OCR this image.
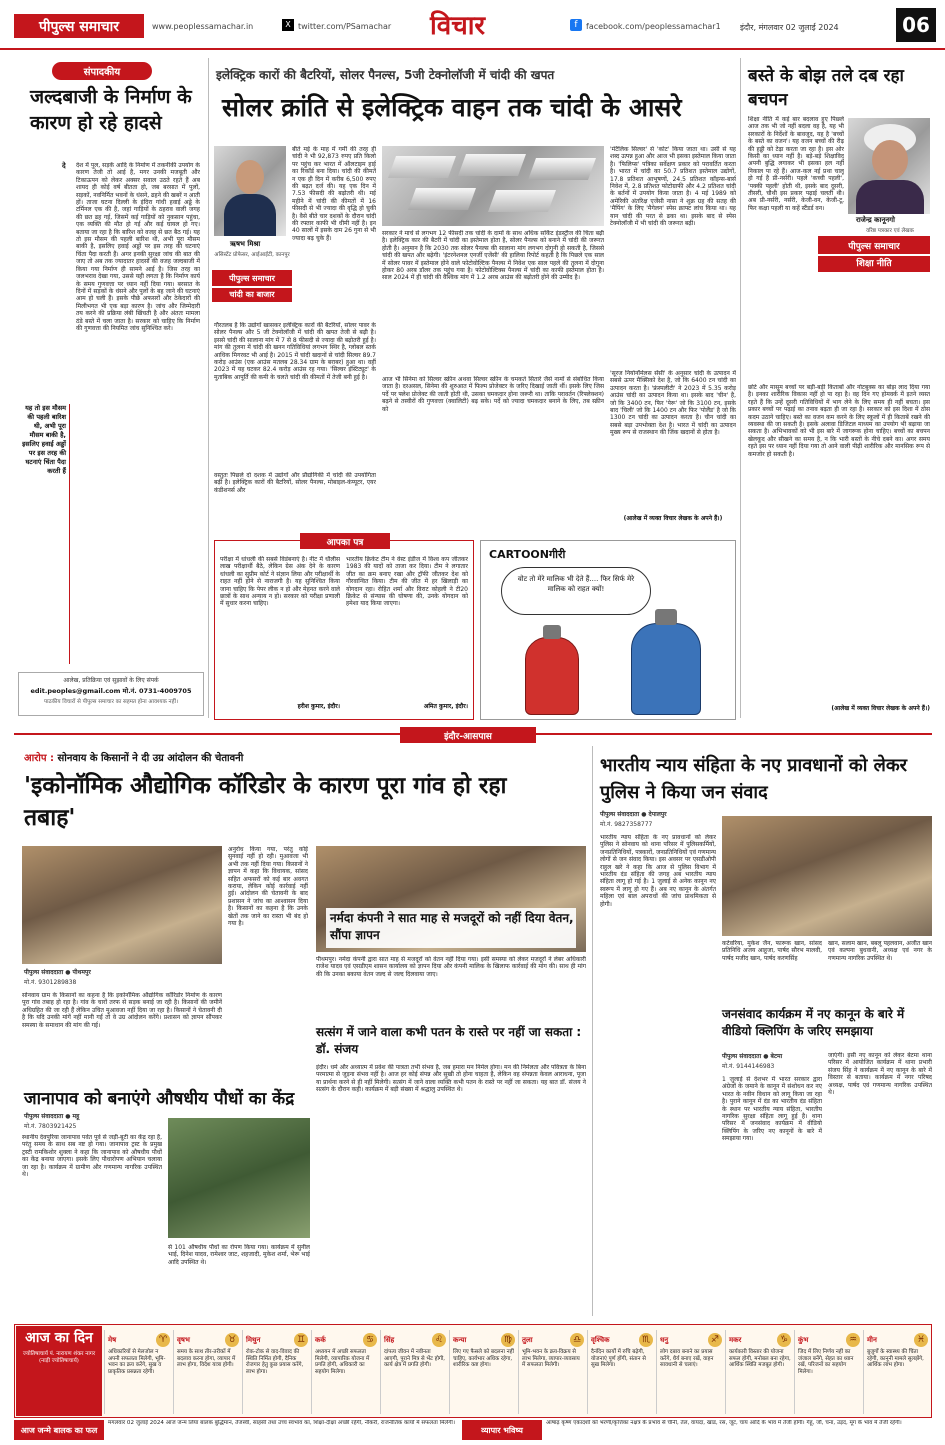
पीपुल्स समाचार	www.peoplessamachar.in	X twitter.com/PSamachar विचार	f	facebook.com/peoplessamachar1 इंदौर, मंगलवार 02 जुलाई 2024	06
संपादकीय
जल्दबाजी के निर्माण के कारण हो रहे हादसे
दे	देश में पुल, सड़कें आदि के निर्माण में तकनीकी उपयोग के कारण तेजी तो आई है, मगर उनकी मजबूती और टिकाऊपन को लेकर अक्सर सवाल उठते रहते हैं अब शायद ही कोई वर्ष बीतता हो, जब बरसात में पुलों, सड़कों, नवनिर्मित भवनों के धंसने, ढहने की खबरें न आती हों। ताजा घटना दिल्ली के इंदिरा गांधी हवाई अड्डे के टर्मिनल एक की है, जहां गाड़ियों के ठहराव वाली जगह की छत ढह गई, जिसमें कई गाड़ियों को नुकसान पहुंचा, एक व्यक्ति की मौत हो गई और कई घायल हो गए। बताया जा रहा है कि बारिश को वजह से छत बैठ गई। यह तो इस मौसम की पहली बारिश थी, अभी पूरा मौसम बाकी है, इसलिए हवाई अड्डों पर इस तरह की घटनाएं चिंता पैदा करती हैं। अगर इनकी सुरक्षा जांच की बात की जाए तो अब तक ज्यादातर हादसों की वजह जल्दबाजी में किया गया निर्माण ही सामने आई है। जिस तरह का जलभराव देखा गया, उससे यही लगता है कि निर्माण कार्य के समय गुणवत्ता पर ध्यान नहीं दिया गया। बरसात के दिनों में सड़कों के धंसने और पुलों के बह जाने की घटनाएं आम हो चली हैं। इसके पीछे अफसरों और ठेकेदारों की मिलीभगत भी एक बड़ा कारण है। जांच और जिम्मेदारी तय करने की प्रक्रिया लंबी खिंचती है और अंततः मामला ठंडे बस्ते में चला जाता है। सरकार को चाहिए कि निर्माण की गुणवत्ता की नियमित जांच सुनिश्चित करे।
यह तो इस मौसम की पहली बारिश थी, अभी पूरा मौसम बाकी है, इसलिए हवाई अड्डों पर इस तरह की घटनाएं चिंता पैदा करती हैं
आलेख, प्रतिक्रिया एवं सुझावों के लिए संपर्क
edit.peoples@gmail.com मो.नं. 0731-4009705
पाठकीय विचारों से पीपुल्स समाचार का सहमत होना आवश्यक नहीं।
इलेक्ट्रिक कारों की बैटरियों, सोलर पैनल्स, 5जी टेक्नोलॉजी में चांदी की खपत
सोलर क्रांति से इलेक्ट्रिक वाहन तक चांदी के आसरे
ऋषभ मिश्रा
असिस्टेंट प्रोफेसर, आईआईटी, कानपुर
पीपुल्स समाचार
चांदी का बाजार
बीते मई के माह में गर्मी की तरह ही चांदी ने भी 92,873 रुपए प्रति किलो पर पहुंच कर भारत में ऑलटाइम हाई का रिकॉर्ड बना दिया। चांदी की कीमतें न एक ही दिन में करीब 6,500 रुपए की बढ़त दर्ज की। यह एक दिन में 7.53 फीसदी की बढ़ोतरी थी। मई महीने में चांदी की कीमतों में 16 फीसदी से भी ज्यादा की वृद्धि हो चुकी है। वैसे बीते चार दशकों के दौरान चांदी की रफ्तार काफी भी धीमी नहीं है। इन 40 सालों में इसके दाम 26 गुना से भी ज्यादा बढ़ चुके हैं।
गौरतलब है कि उद्योगों खासकर इलेक्ट्रिक कारों की बैटरियों, सोलर पावर के सोलर पैनल्स और 5 जी टेक्नोलॉजी में चांदी की खपत तेजी से बढ़ी है। इससे चांदी की सालाना मांग में 7 से 8 फीसदी से ज्यादा की बढ़ोतरी हुई है। मांग की तुलना में चांदी की खनन गतिविधियां लगभग स्थिर है, ग्लोबल स्तर्क आधिक मिगरवट भी आई है। 2015 में चांदी खदानों से चांदी सिल्वर 89.7 करोड़ आउंस (एक आउंस मतलब 28.34 ग्राम के बराबर) हुआ था। वहीं 2023 में यह घटकर 82.4 करोड़ आउंस रह गया। 'सिल्वर इंस्टिट्यूट' के मुताबिक आपूर्ति की कमी के चलते चांदी की कीमतों में तेजी बनी हुई है।
वस्तुतः पिछले दो दशक में उद्योगों और प्रौद्योगिकी में चांदी की उपयोगिता बढ़ी है। इलेक्ट्रिक कारों की बैटरियों, सोलर पैनल्स, मोबाइल-कंप्यूटर, एयर कंडीशनर्स और
सरकार ने मार्च से लगभग 12 फीसदी तक चांदी के दामों के साथ अधिक सर्किट इंडस्ट्रीज की चिंता बढ़ी है। इलेक्ट्रिक कार की बैटरी में चांदी का इस्तेमाल होता है, सोलर पैनल्स को बनाने में चांदी की जरूरत होती है। अनुमान है कि 2030 तक सोलर पैनल्स की सालाना मांग लगभग दोगुनी हो सकती है, जिससे चांदी की खपत और बढ़ेगी। 'इंटरनेशनल एनर्जी एजेंसी' की हालिया रिपोर्ट कहती है कि पिछले एक साल में सोलर पावर में इस्तेमाल होने वाले फोटोवोल्टिक पैनल्स में निवेश एक साल पहले की तुलना में दोगुना होकर 80 अरब डॉलर तक पहुंच गया है। फोटोवोल्टिक्स पैनल्स में चांदी का काफी इस्तेमाल होता है। साल 2024 में ही चांदी की वैश्विक मांग में 1.2 अरब आउंस की बढ़ोतरी होने की उम्मीद है।
आज भी सिनेमा को सिल्वर स्क्रीन अथवा सिल्वर स्क्रीन के चमकते सितारे जैसे नामों से संबोधित किया जाता है। दरअसल, सिनेमा की शुरुआत में फिल्म प्रोजेक्टर के जरिए दिखाई जाती थीं। इसके लिए जिस पर्दे पर फ्लेश प्रोजेक्ट की जाती होती थी, उसका चमकदार होना जरूरी था। ताकि परावर्तन (रिफ्लेक्शन) बढ़ने से तस्वीरों की गुणवत्ता (क्वालिटी) बढ़ सके। पर्दे को ज्यादा चमकदार बनाने के लिए, तब स्क्रीन को
'मेटैलिक सिल्वर' से 'कोट' किया जाता था। उसी से यह शब्द उत्पन्न हुआ और आज भी इसका इस्तेमाल किया जाता है। 'फिलिप्स' पत्रिका सर्वेक्षण प्रकार को परावर्तित करता है। भारत में चांदी का 50.7 प्रतिशत इस्तेमाल उद्योगों, 17.8 प्रतिशत आभूषणों, 24.5 प्रतिशत कॉइन्स-बार्स निवेश में, 2.8 प्रतिशत फोटोग्राफी और 4.2 प्रतिशत चांदी के बर्तनों में उपयोग किया जाता है। 4 मई 1989 को अमेरिकी अंतरिक्ष एजेंसी नासा ने शुक्र ग्रह की सतह की 'मैपिंग' के लिए 'मैगेलन' स्पेस क्राफ्ट लांच किया था। यह यान चांदी की परत से ढका था। इसके बाद से स्पेस टेक्नोलॉजी में भी चांदी की जरूरत बढ़ी।
'सूरज नियोनॉर्मलस सेंसी' के अनुसार चांदी के उत्पादन में सबसे ऊपर मैक्सिको देश है, जो कि 6400 टन चांदी का उत्पादन करता है। 'फ्रंस्पलीटी' ने 2023 में 5.35 करोड़ आउंस चांदी का उत्पादन किया था। इसके बाद 'चीन' है, जो कि 3400 टन, फिर 'पेरू' जो कि 3100 टन, इसके बाद 'चिली' जो कि 1400 टन और फिर 'पोलैंड' है जो कि 1300 टन चांदी का उत्पादन करता है। चीन चांदी का सबसे बड़ा उपभोक्ता देश है। भारत में चांदी का उत्पादन मुख्य रूप से राजस्थान की जिंक खदानों से होता है।
(आलेख में व्यक्त विचार लेखक के अपने हैं।)
बस्ते के बोझ तले दब रहा बचपन
राजेन्द्र कानूनगो
वरिष्ठ पत्रकार एवं लेखक
पीपुल्स समाचार
शिक्षा नीति
शिक्षा नीति में कई बार बदलाव हुए पिछ्ले आज तक भी जो नहीं बदला वह है, यह भी सरकारों के निर्देशों के बावजूद, यह है 'बच्चों के बस्ते का वजन'। यह वजन बच्चों की रीढ़ की हड्डी को टेढ़ा करता जा रहा है। इस ओर किसी का ध्यान नहीं है। बड़े-बड़े शिक्षाविद् अपनी बुद्धि लगाकर भी इसका हल नहीं निकाल पा रहे हैं। आज-कल नई प्रथा चालू हो गई है प्री-नर्सरी। पहले 'कच्ची पहली', 'पक्की पहली' होती थी, इसके बाद दूसरी, तीसरी, चौथी इस प्रकार पढ़ाई चलती थी। अब प्री-नर्सरी, नर्सरी, केजी-वन, केजी-टू, फिर कक्षा पहली या कहें स्टैंडर्ड वन।
छोटे और मासूम बच्चों पर बड़ी-बड़ी किताबों और नोटबुक्स का बोझ लाद दिया गया है। इनका शारीरिक विकास नहीं हो पा रहा है। वह दिन गए होमवर्क में इतने व्यस्त रहते हैं कि उन्हें दूसरी गतिविधियों में भाग लेने के लिए समय ही नहीं बचता। इस प्रकार बच्चों पर पढ़ाई का तनाव बढ़ता ही जा रहा है। सरकार को इस दिशा में ठोस कदम उठाने चाहिए। बस्ते का वजन कम करने के लिए स्कूलों में ही किताबें रखने की व्यवस्था की जा सकती है। इसके अलावा डिजिटल माध्यम का उपयोग भी बढ़ाया जा सकता है। अभिभावकों को भी इस बारे में जागरूक होना चाहिए। बच्चों का बचपन खेलकूद और सीखने का समय है, न कि भारी बस्तों के नीचे दबने का। अगर समय रहते इस पर ध्यान नहीं दिया गया तो आने वाली पीढ़ी शारीरिक और मानसिक रूप से कमजोर हो सकती है।
(आलेख में व्यक्त विचार लेखक के अपने हैं।)
आपका पत्र
परीक्षा में धांधली की सबसे विडंबनाएं है। नीट में धौलीस लाख परीक्षार्थी बैठे, लेकिन ग्रेस अंक देने के कारण धांधली का सुप्रीम कोर्ट ने संज्ञान लिया और परीक्षार्थी के राहत नहीं होने से नाराजगी है। यह सुनिश्चित किया जाना चाहिए कि पेपर लीक न हो और मेहनत करने वाले छात्रों के साथ अन्याय न हो। सरकार को परीक्षा प्रणाली में सुधार करना चाहिए।
हरीश कुमार, इंदौर।
भारतीय क्रिकेट टीम ने वेस्ट इंडीज में विश्व कप जीतकर 1983 की यादों को ताजा कर दिया। टीम ने लगातार जीत का क्रम बनाए रखा और ट्रॉफी जीतकर देश को गौरवान्वित किया। टीम की जीत में हर खिलाड़ी का योगदान रहा। रोहित शर्मा और विराट कोहली ने टी20 क्रिकेट से संन्यास की घोषणा की, उनके योगदान को हमेशा याद किया जाएगा।
अमित कुमार, इंदौर।
CARTOONगीरी
वोट तो मेरे मालिक भी देते हैं.... फिर सिर्फ मेरे मालिक को राहत क्यों!
इंदौर-आसपास
आरोप : सोनवाय के किसानों ने दी उग्र आंदोलन की चेतावनी
'इकोनॉमिक औद्योगिक कॉरिडोर के कारण पूरा गांव हो रहा तबाह'
पीपुल्स संवाददाता ● पीथमपुर
मो.नं. 9301289838
सोनवाय ग्राम के किसानों का कहना है कि इकोनॉमिक औद्योगिक कॉरिडोर निर्माण के कारण पूरा गांव तबाह हो रहा है। गांव के चारों तरफ से सड़क बनाई जा रही है। किसानों की जमीनें अधिग्रहित की जा रही हैं लेकिन उचित मुआवजा नहीं दिया जा रहा है। किसानों ने चेतावनी दी है कि यदि उनकी मांगें नहीं मानी गईं तो वे उग्र आंदोलन करेंगे। प्रशासन को ज्ञापन सौंपकर समस्या के समाधान की मांग की गई।
अनुरोध किया गया, परंतु कोई सुनवाई नहीं हो रही। मुआवजा भी अभी तक नहीं दिया गया। किसानों ने ज्ञापन में कहा कि विधायक, सांसद सहित अफसरों को कई बार अवगत कराया, लेकिन कोई कार्रवाई नहीं हुई। आंदोलन की चेतावनी के बाद प्रशासन ने जांच का आश्वासन दिया है। किसानों का कहना है कि उनके खेतों तक जाने का रास्ता भी बंद हो गया है।	नर्मदा कंपनी ने सात माह से मजदूरों को नहीं दिया वेतन, सौंपा ज्ञापन
पीथमपुर। नर्मदा कंपनी द्वारा सात माह से मजदूरों को वेतन नहीं दिया गया। इसी समस्या को लेकर मजदूरों ने लेबर अधिकारी राजेश यादव एवं एसडीएम शासन कार्यालय को ज्ञापन दिया और कंपनी मालिक के खिलाफ कार्रवाई की मांग की। साथ ही मांग की कि उनका बकाया वेतन जल्द से जल्द दिलवाया जाए।
सत्संग में जाने वाला कभी पतन के रास्ते पर नहीं जा सकता : डॉ. संजय
इंदौर। धर्म और अध्यात्म में प्रवेश की पात्रता तभी संभव है, जब हमारा मन निर्मल होगा। मन की निर्मलता और पवित्रता के बिना परमात्मा से जुड़ना संभव नहीं है। आज हर कोई संपन्न और सुखी तो होना चाहता है, लेकिन वह संपन्नता केवल आराधना, पूजा या प्रार्थना करने से ही नहीं मिलेगी। सत्संग में जाने वाला व्यक्ति कभी पतन के रास्ते पर नहीं जा सकता। यह बात डॉ. संजय ने सत्संग के दौरान कही। कार्यक्रम में बड़ी संख्या में श्रद्धालु उपस्थित थे।
जानापाव को बनाएंगे औषधीय पौधों का केंद्र
पीपुल्स संवाददाता ● महू
मो.नं. 7803921425
स्थानीय देवपुरिया जानापाव पर्वत पूर्व से जड़ी-बूटी का केंद्र रहा है, परंतु समय के साथ सब नष्ट हो गया। जानापाव ट्रस्ट के प्रमुख ट्रस्टी रामकिशोर शुक्ला ने कहा कि जानापाव को औषधीय पौधों का केंद्र बनाया जाएगा। इसके लिए पौधारोपण अभियान चलाया जा रहा है। कार्यक्रम में ग्रामीण और गणमान्य नागरिक उपस्थित थे।
से 101 औषधीय पौधों का रोपण किया गया। कार्यक्रम में सुनील भाई, दिनेश यादव, रामेश्वर जाट, शहजादी, मुकेश शर्मा, भेरू भाई आदि उपस्थित थे।
भारतीय न्याय संहिता के नए प्रावधानों को लेकर पुलिस ने किया जन संवाद
पीपुल्स संवाददाता ● देपालपुर
मो.नं. 9827358777
भारतीय न्याय संहिता के नए प्रावधानों को लेकर पुलिस ने सोनवाय को थाना परिसर में पुलिसकर्मियों, जनप्रतिनिधियों, पत्रकारों, जनप्रतिनिधियों एवं गणमान्य लोगों से जन संवाद किया। इस अवसर पर एसडीओपी राहुल खरे ने कहा कि आज से पुलिस विभाग में भारतीय दंड संहिता की जगह अब भारतीय न्याय संहिता लागू हो गई है। 1 जुलाई से अनेक कानून नए स्वरूप में लागू हो गए हैं। अब नए कानून के अंतर्गत महिला एवं बाल अपराधों की जांच प्राथमिकता से होगी।
कटेवरिया, मुकेश जैन, फारूक खान, सांसद प्रतिनिधि अजय आहूजा, पार्षद सौरभ मालवी, पार्षद मजीद खान, पार्षद करणसिंह
खान, सलाम खान, बबलू पहलवान, अजीत खान एवं कल्पना बुधवानी, अध्यक्ष एवं नगर के गणमान्य नागरिक उपस्थित थे।
जनसंवाद कार्यक्रम में नए कानून के बारे में वीडियो क्लिपिंग के जरिए समझाया
पीपुल्स संवाददाता ● बेटमा
मो.नं. 9144146983
1 जुलाई से देशभर में भारत सरकार द्वारा अंग्रेजों के जमाने के कानून में संशोधन कर नए भारत के नवीन विधान को लागू किया जा रहा है। पुराने कानून में दंड का भारतीय दंड संहिता के स्थान पर भारतीय न्याय संहिता, भारतीय नागरिक सुरक्षा संहिता लागू हुई है। थाना परिसर में जनसंवाद कार्यक्रम में वीडियो क्लिपिंग के जरिए नए कानूनों के बारे में समझाया गया।
जाएंगी। इसी नए कानून को लेकर बेटमा थाना परिसर में आयोजित कार्यक्रम में थाना प्रभारी संजय सिंह ने कार्यक्रम में नए कानून के बारे में विस्तार से बताया। कार्यक्रम में नगर परिषद अध्यक्ष, पार्षद एवं गणमान्य नागरिक उपस्थित थे।
आज का दिन
ज्योतिषाचार्य पं. नारायण शंकर नागर (नाड़ी ज्योतिषाचार्य)
मेष	♈
अधिकारियों से मेलजोल न अपनी सफलता मिलेगी, भूमि-भवन का क्रय करेंगे, सुख व प्राकृतिक प्रसन्नता रहेगी।
वृषभ	♉
समय के साथ तीर-तरीकों में बदलाव करना होगा, व्यापार में लाभ होगा, विदेश यात्रा होगी।
मिथुन	♊
रोक-टोक से वाद-विवाद की स्थिति निर्मित होगी, दैनिक रोजगार हेतु कुछ प्रयास करेंगे, लाभ होगा।
कर्क	♋
अध्ययन में अच्छी सफलता मिलेगी, व्यापारिक योजना में प्रगति होगी, अधिकारी का सहयोग मिलेगा।
सिंह	♌
दांपत्य जीवन में नवीनता आएगी, पुराने मित्र से भेंट होगी, कार्य क्षेत्र में प्रगति होगी।
कन्या	♍
लिए गए फैसले को बदलना नहीं चाहिए, कार्यभार अधिक रहेगा, शारीरिक कष्ट होगा।
तुला	♎
भूमि-भवन के क्रय-विक्रय से लाभ मिलेगा, व्यापार-व्यवसाय में सफलता मिलेगी।
वृश्चिक	♏
दैनंदिन कार्यों में रुचि बढ़ेगी, योजनाएं पूर्ण होंगी, संतान से सुख मिलेगा।
धनु	♐
लोग दबाव बनाने का प्रयास करेंगे, धैर्य बनाए रखें, वाहन सावधानी से चलाएं।
मकर	♑
कार्यकारी विस्तार की योजना सफल होगी, मनोबल बना रहेगा, आर्थिक स्थिति मजबूत होगी।
कुंभ	♒
जिद में लिए निर्णय नहीं का जंजाल बनेंगे, सेहत का ध्यान रखें, परिजनों का सहयोग मिलेगा।
मीन	♓
बुजुर्गों के स्वास्थ्य की चिंता रहेगी, कानूनी मामले सुलझेंगे, आर्थिक लाभ होगा।
आज जन्मे बालक का फल
मंगलवार 02 जुलाई 2024 आज जन्म लिया बालक बुद्धिमान, तेजस्वी, साहसी तथा उच्च स्वभाव का, शिक्षा-दीक्षा अच्छी रहेगी, नौकरी, राजनीतिक कार्यों में सफलता मिलेगी।
व्यापार भविष्य
आषाढ़ कृष्ण एकादशी को भरणी/कृत्तिका नक्षत्र के प्रभाव से चीनी, तेल, वायदा, खांड, रस, जूट, चाय आदि के भाव में तेजी होगी। गेहूं, जौ, चना, उड़द, मूंग के भाव में तेजी रहेगी।
